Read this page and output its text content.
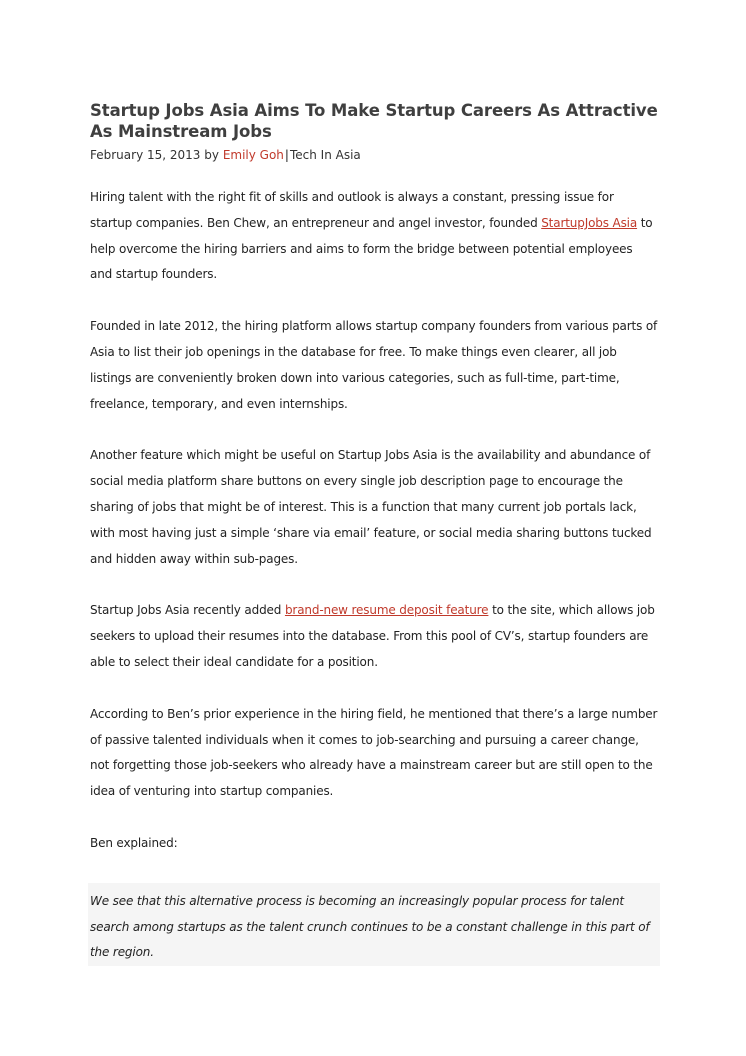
Startup Jobs Asia Aims To Make Startup Careers As Attractive As Mainstream Jobs
February 15, 2013 by Emily Goh|Tech In Asia

Hiring talent with the right fit of skills and outlook is always a constant, pressing issue for startup companies. Ben Chew, an entrepreneur and angel investor, founded StartupJobs Asia to help overcome the hiring barriers and aims to form the bridge between potential employees and startup founders.

Founded in late 2012, the hiring platform allows startup company founders from various parts of Asia to list their job openings in the database for free. To make things even clearer, all job listings are conveniently broken down into various categories, such as full-time, part-time, freelance, temporary, and even internships.

Another feature which might be useful on Startup Jobs Asia is the availability and abundance of social media platform share buttons on every single job description page to encourage the sharing of jobs that might be of interest. This is a function that many current job portals lack, with most having just a simple ‘share via email’ feature, or social media sharing buttons tucked and hidden away within sub-pages.

Startup Jobs Asia recently added brand-new resume deposit feature to the site, which allows job seekers to upload their resumes into the database. From this pool of CV’s, startup founders are able to select their ideal candidate for a position.

According to Ben’s prior experience in the hiring field, he mentioned that there’s a large number of passive talented individuals when it comes to job-searching and pursuing a career change, not forgetting those job-seekers who already have a mainstream career but are still open to the idea of venturing into startup companies.

Ben explained:

We see that this alternative process is becoming an increasingly popular process for talent search among startups as the talent crunch continues to be a constant challenge in this part of the region.
